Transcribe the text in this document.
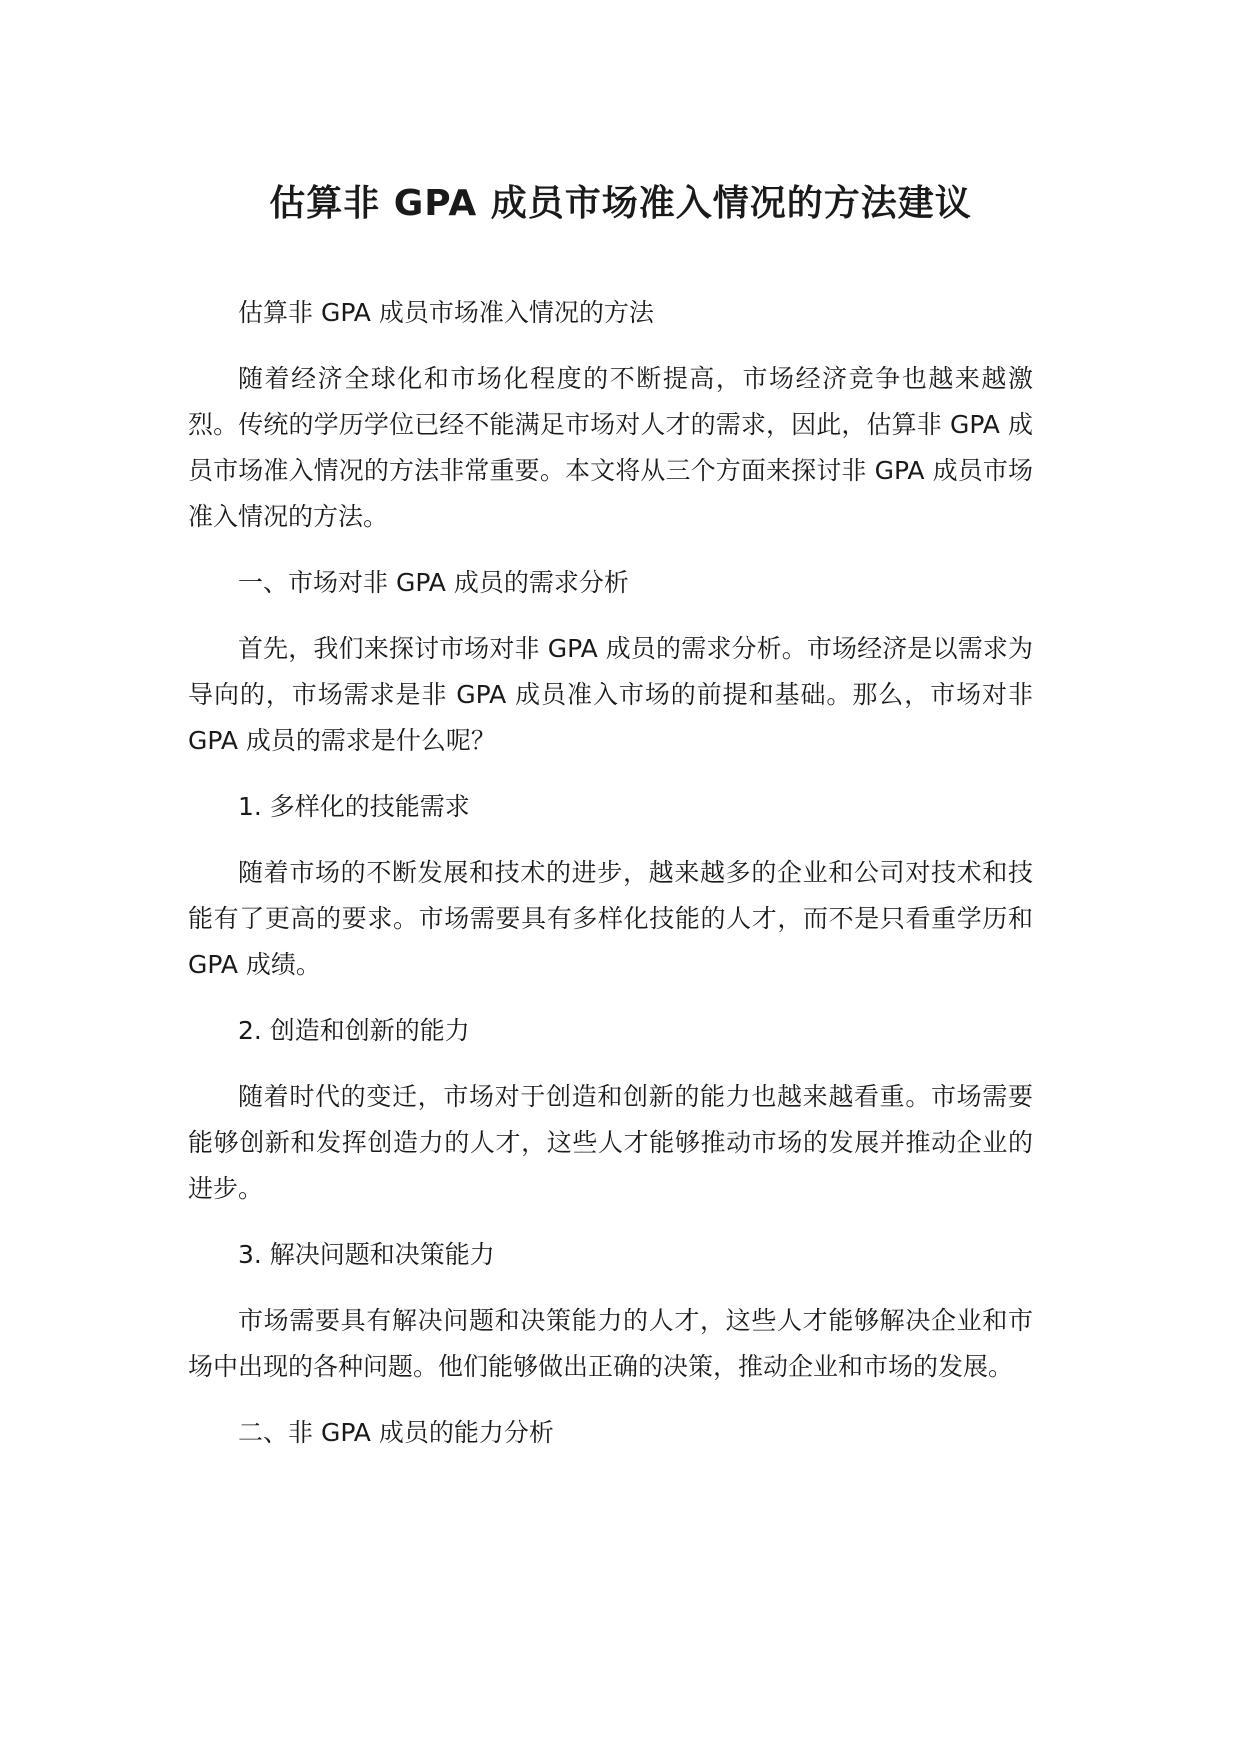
估算非 GPA 成员市场准入情况的方法建议

估算非 GPA 成员市场准入情况的方法

随着经济全球化和市场化程度的不断提高，市场经济竞争也越来越激烈。传统的学历学位已经不能满足市场对人才的需求，因此，估算非 GPA 成员市场准入情况的方法非常重要。本文将从三个方面来探讨非 GPA 成员市场准入情况的方法。

一、市场对非 GPA 成员的需求分析

首先，我们来探讨市场对非 GPA 成员的需求分析。市场经济是以需求为导向的，市场需求是非 GPA 成员准入市场的前提和基础。那么，市场对非 GPA 成员的需求是什么呢？

1. 多样化的技能需求

随着市场的不断发展和技术的进步，越来越多的企业和公司对技术和技能有了更高的要求。市场需要具有多样化技能的人才，而不是只看重学历和 GPA 成绩。

2. 创造和创新的能力

随着时代的变迁，市场对于创造和创新的能力也越来越看重。市场需要能够创新和发挥创造力的人才，这些人才能够推动市场的发展并推动企业的进步。

3. 解决问题和决策能力

市场需要具有解决问题和决策能力的人才，这些人才能够解决企业和市场中出现的各种问题。他们能够做出正确的决策，推动企业和市场的发展。

二、非 GPA 成员的能力分析
